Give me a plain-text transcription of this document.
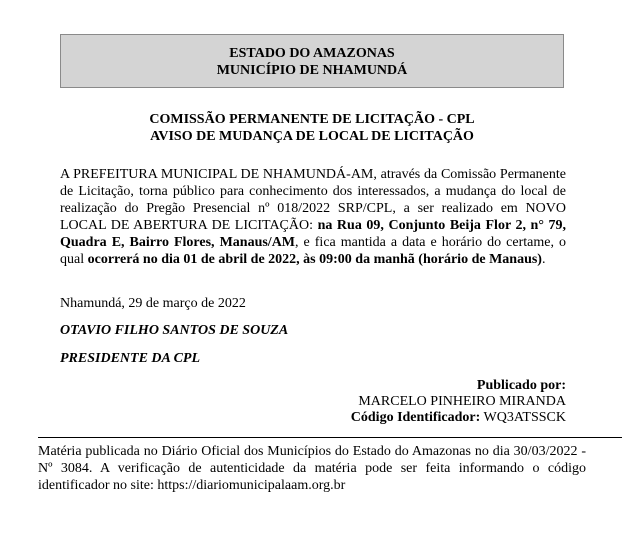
ESTADO DO AMAZONAS
MUNICÍPIO DE NHAMUNDÁ
COMISSÃO PERMANENTE DE LICITAÇÃO - CPL
AVISO DE MUDANÇA DE LOCAL DE LICITAÇÃO
A PREFEITURA MUNICIPAL DE NHAMUNDÁ-AM, através da Comissão Permanente de Licitação, torna público para conhecimento dos interessados, a mudança do local de realização do Pregão Presencial nº 018/2022 SRP/CPL, a ser realizado em NOVO LOCAL DE ABERTURA DE LICITAÇÃO: na Rua 09, Conjunto Beija Flor 2, n° 79, Quadra E, Bairro Flores, Manaus/AM, e fica mantida a data e horário do certame, o qual ocorrerá no dia 01 de abril de 2022, às 09:00 da manhã (horário de Manaus).
Nhamundá, 29 de março de 2022
OTAVIO FILHO SANTOS DE SOUZA
PRESIDENTE DA CPL
Publicado por:
MARCELO PINHEIRO MIRANDA
Código Identificador: WQ3ATSSCK
Matéria publicada no Diário Oficial dos Municípios do Estado do Amazonas no dia 30/03/2022 - Nº 3084. A verificação de autenticidade da matéria pode ser feita informando o código identificador no site: https://diariomunicipalaam.org.br
